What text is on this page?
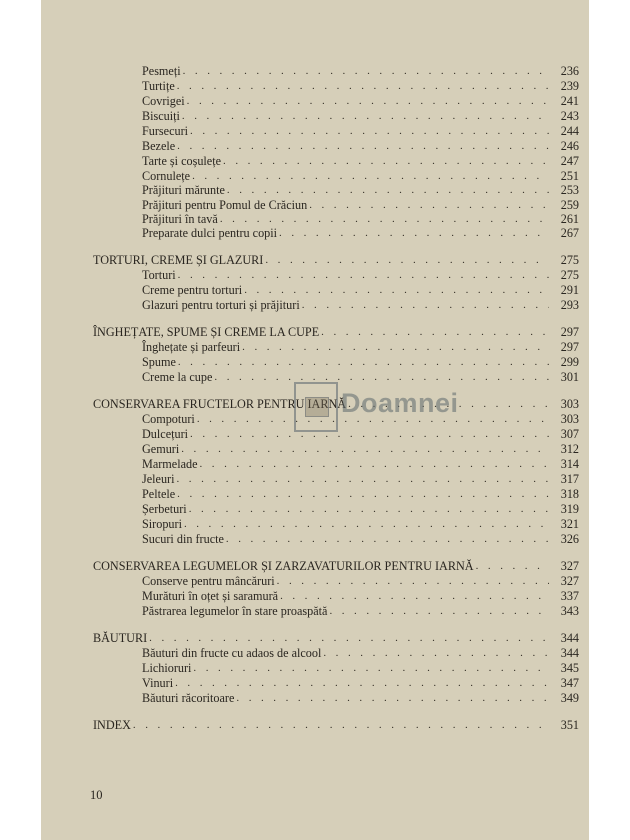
Pesmeți . . .	236
Turtițe . . .	239
Covrigei . . .	241
Biscuiți . . .	243
Fursecuri . . .	244
Bezele . . .	246
Tarte și coșulețe . . .	247
Cornulețe . . .	251
Prăjituri mărunte . . .	253
Prăjituri pentru Pomul de Crăciun . . .	259
Prăjituri în tavă . . .	261
Preparate dulci pentru copii . . .	267
TORTURI, CREME ȘI GLAZURI . . .	275
Torturi . . .	275
Creme pentru torturi . . .	291
Glazuri pentru torturi și prăjituri . . .	293
ÎNGHEȚATE, SPUME ȘI CREME LA CUPE . . .	297
Înghețate și parfeuri . . .	297
Spume . . .	299
Creme la cupe . . .	301
CONSERVAREA FRUCTELOR PENTRU IARNĂ . . .	303
Compoturi . . .	303
Dulcețuri . . .	307
Gemuri . . .	312
Marmelade . . .	314
Jeleuri . . .	317
Peltele . . .	318
Șerbeturi . . .	319
Siropuri . . .	321
Sucuri din fructe . . .	326
CONSERVAREA LEGUMELOR ȘI ZARZAVATURILOR PENTRU IARNĂ . . .	327
Conserve pentru mâncăruri . . .	327
Murături în oțet și saramură . . .	337
Păstrarea legumelor în stare proaspătă . . .	343
BĂUTURI . . .	344
Băuturi din fructe cu adaos de alcool . . .	344
Lichioruri . . .	345
Vinuri . . .	347
Băuturi răcoritoare . . .	349
INDEX . . .	351
10
Doamnei
